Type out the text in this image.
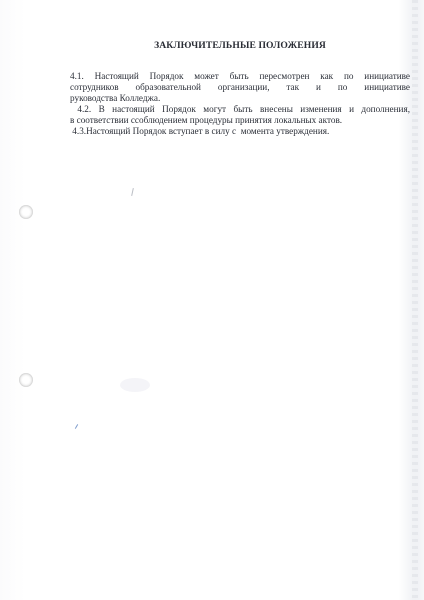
ЗАКЛЮЧИТЕЛЬНЫЕ ПОЛОЖЕНИЯ
4.1. Настоящий Порядок может быть пересмотрен как по инициативе
сотрудников образовательной организации, так и по инициативе
руководства Колледжа.
4.2. В настоящий Порядок могут быть внесены изменения и дополнения,
в соответствии ссоблюдением процедуры принятия локальных актов.
4.3.Настоящий Порядок вступает в силу с  момента утверждения.
